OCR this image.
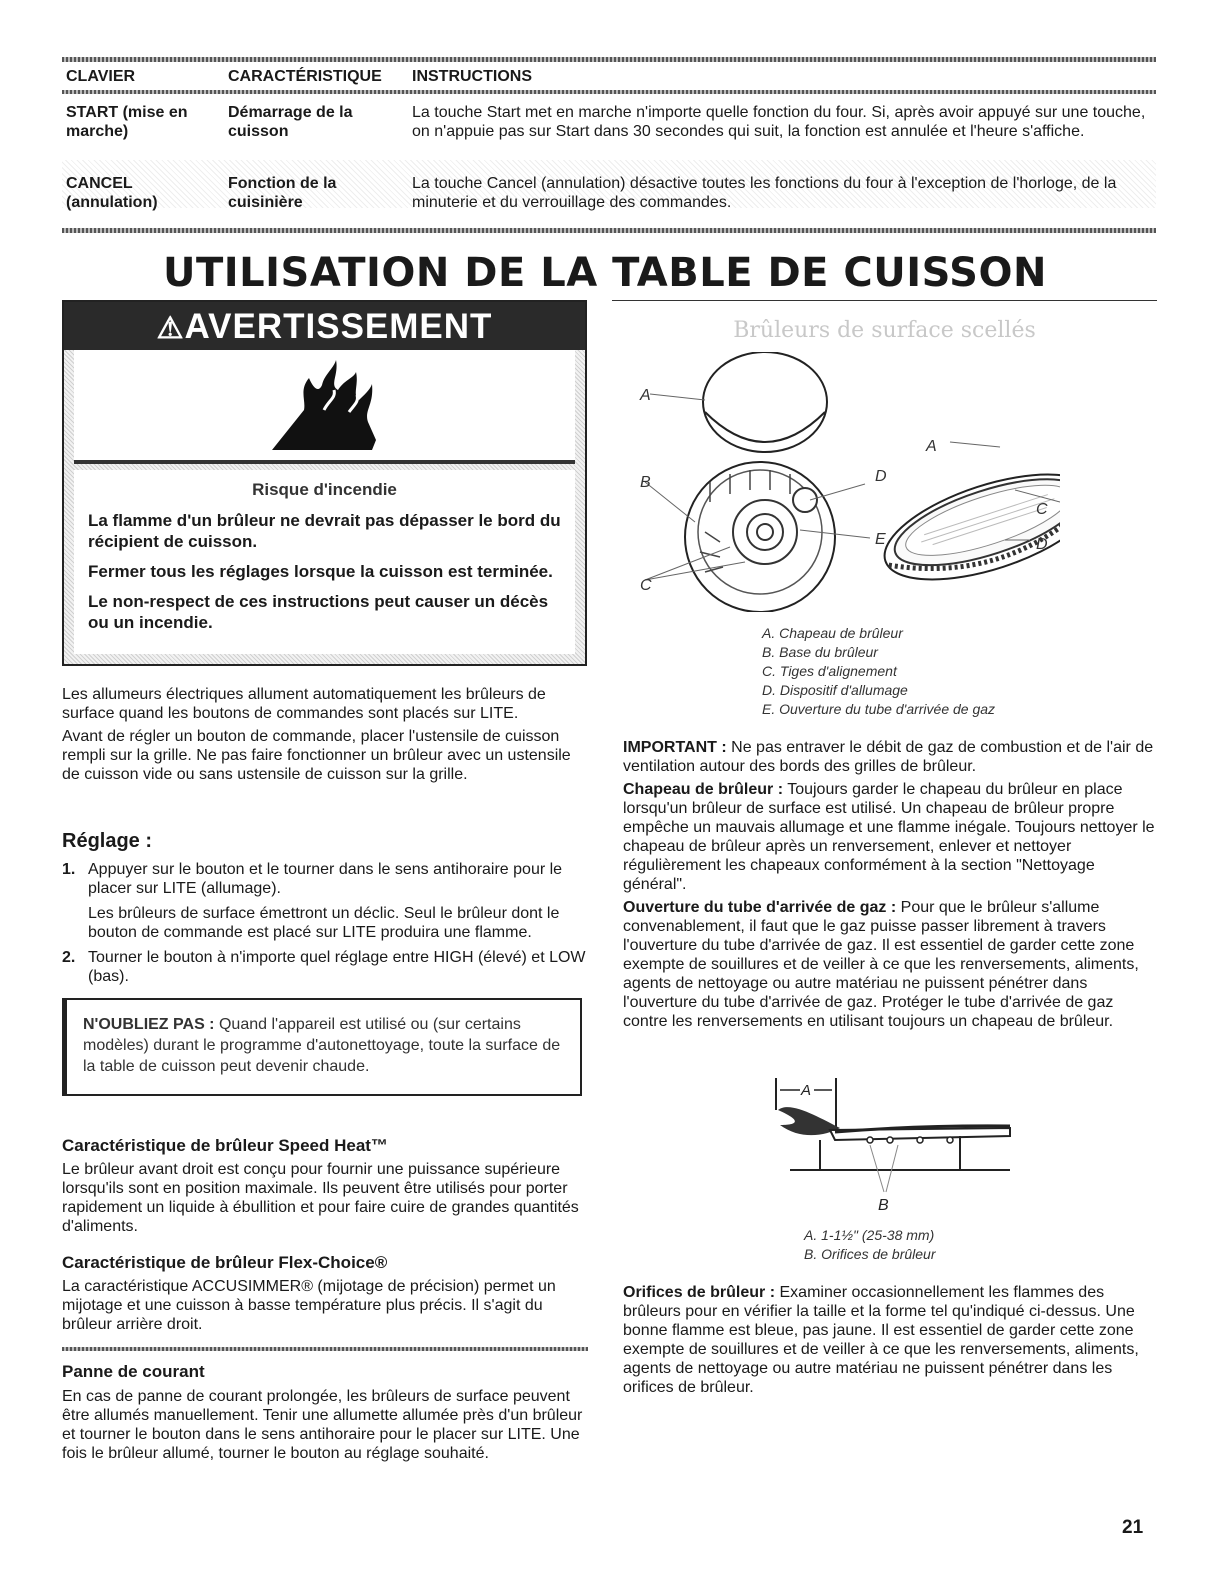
CLAVIER	CARACTÉRISTIQUE INSTRUCTIONS
START (mise en marche)
Démarrage de la cuisson
La touche Start met en marche n'importe quelle fonction du four. Si, après avoir appuyé sur une touche, on n'appuie pas sur Start dans 30 secondes qui suit, la fonction est annulée et l'heure s'affiche.
CANCEL (annulation)
Fonction de la cuisinière
La touche Cancel (annulation) désactive toutes les fonctions du four à l'exception de l'horloge, de la minuterie et du verrouillage des commandes.
UTILISATION DE LA TABLE DE CUISSON
⚠AVERTISSEMENT

Risque d'incendie

La flamme d'un brûleur ne devrait pas dépasser le bord du récipient de cuisson.

Fermer tous les réglages lorsque la cuisson est terminée.

Le non-respect de ces instructions peut causer un décès ou un incendie.

Les allumeurs électriques allument automatiquement les brûleurs de surface quand les boutons de commandes sont placés sur LITE.

Avant de régler un bouton de commande, placer l'ustensile de cuisson rempli sur la grille. Ne pas faire fonctionner un brûleur avec un ustensile de cuisson vide ou sans ustensile de cuisson sur la grille.

Réglage :
1. Appuyer sur le bouton et le tourner dans le sens antihoraire pour le placer sur LITE (allumage).

Les brûleurs de surface émettront un déclic. Seul le brûleur dont le bouton de commande est placé sur LITE produira une flamme.

2. Tourner le bouton à n'importe quel réglage entre HIGH (élevé) et LOW (bas).

N'OUBLIEZ PAS : Quand l'appareil est utilisé ou (sur certains modèles) durant le programme d'autonettoyage, toute la surface de la table de cuisson peut devenir chaude.

Caractéristique de brûleur Speed Heat™
Le brûleur avant droit est conçu pour fournir une puissance supérieure lorsqu'ils sont en position maximale. Ils peuvent être utilisés pour porter rapidement un liquide à ébullition et pour faire cuire de grandes quantités d'aliments.
Caractéristique de brûleur Flex-Choice®
La caractéristique ACCUSIMMER® (mijotage de précision) permet un mijotage et une cuisson à basse température plus précis. Il s'agit du brûleur arrière droit.
Panne de courant
En cas de panne de courant prolongée, les brûleurs de surface peuvent être allumés manuellement. Tenir une allumette allumée près d'un brûleur et tourner le bouton dans le sens antihoraire pour le placer sur LITE. Une fois le brûleur allumé, tourner le bouton au réglage souhaité.
Brûleurs de surface scellés
A
A
B	D
E
C
C
D
A. Chapeau de brûleur
B. Base du brûleur
C. Tiges d'alignement
D. Dispositif d'allumage
E. Ouverture du tube d'arrivée de gaz

IMPORTANT : Ne pas entraver le débit de gaz de combustion et de l'air de ventilation autour des bords des grilles de brûleur.

Chapeau de brûleur : Toujours garder le chapeau du brûleur en place lorsqu'un brûleur de surface est utilisé. Un chapeau de brûleur propre empêche un mauvais allumage et une flamme inégale. Toujours nettoyer le chapeau de brûleur après un renversement, enlever et nettoyer régulièrement les chapeaux conformément à la section "Nettoyage général".

Ouverture du tube d'arrivée de gaz : Pour que le brûleur s'allume convenablement, il faut que le gaz puisse passer librement à travers l'ouverture du tube d'arrivée de gaz. Il est essentiel de garder cette zone exempte de souillures et de veiller à ce que les renversements, aliments, agents de nettoyage ou autre matériau ne puissent pénétrer dans l'ouverture du tube d'arrivée de gaz. Protéger le tube d'arrivée de gaz contre les renversements en utilisant toujours un chapeau de brûleur.

A
B
A. 1-1½" (25-38 mm)
B. Orifices de brûleur

Orifices de brûleur : Examiner occasionnellement les flammes des brûleurs pour en vérifier la taille et la forme tel qu'indiqué ci-dessus. Une bonne flamme est bleue, pas jaune. Il est essentiel de garder cette zone exempte de souillures et de veiller à ce que les renversements, aliments, agents de nettoyage ou autre matériau ne puissent pénétrer dans les orifices de brûleur.

21
